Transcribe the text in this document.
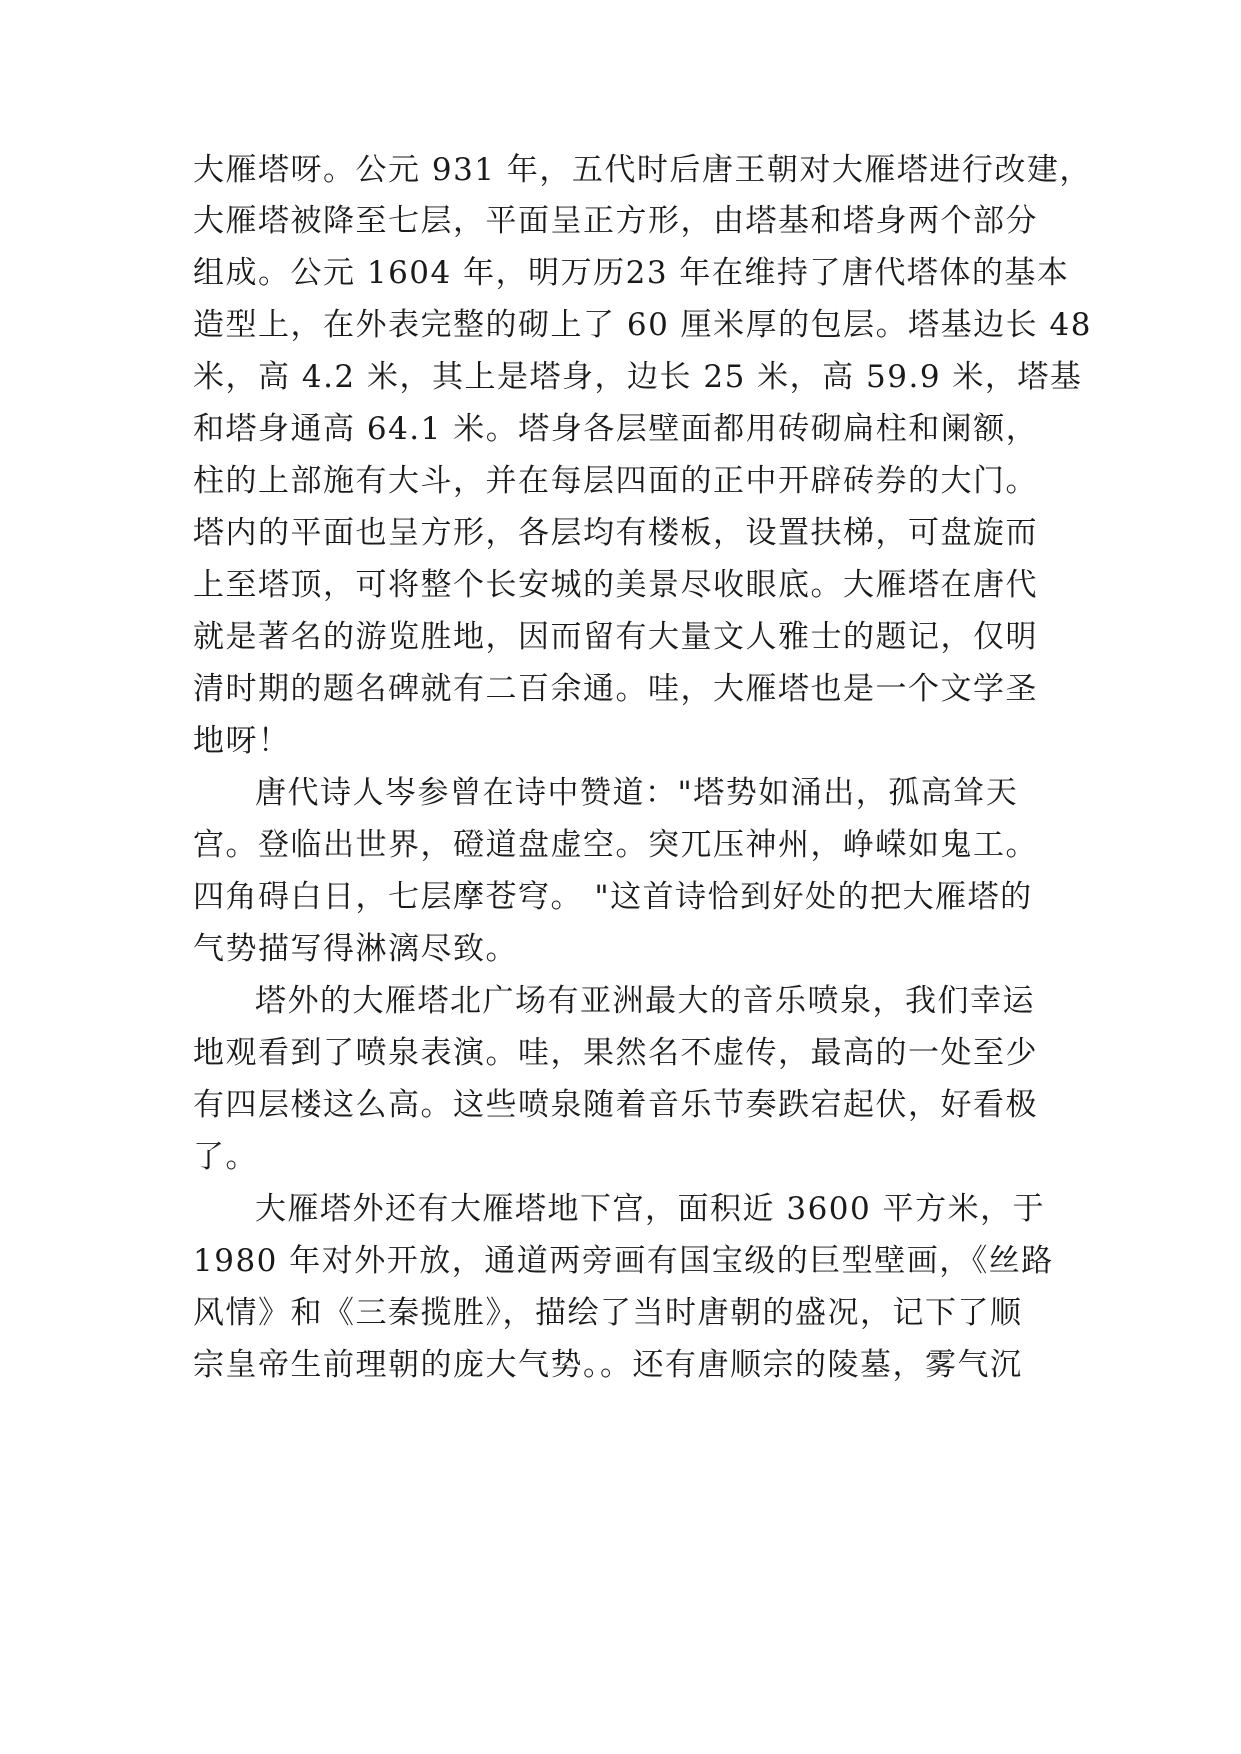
大雁塔呀。公元 931 年，五代时后唐王朝对大雁塔进行改建，
大雁塔被降至七层，平面呈正方形，由塔基和塔身两个部分
组成。公元 1604 年，明万历23 年在维持了唐代塔体的基本
造型上，在外表完整的砌上了 60 厘米厚的包层。塔基边长 48
米，高 4.2 米，其上是塔身，边长 25 米，高 59.9 米，塔基
和塔身通高 64.1 米。塔身各层壁面都用砖砌扁柱和阑额，
柱的上部施有大斗，并在每层四面的正中开辟砖券的大门。
塔内的平面也呈方形，各层均有楼板，设置扶梯，可盘旋而
上至塔顶，可将整个长安城的美景尽收眼底。大雁塔在唐代
就是著名的游览胜地，因而留有大量文人雅士的题记，仅明
清时期的题名碑就有二百余通。哇，大雁塔也是一个文学圣
地呀！
唐代诗人岑参曾在诗中赞道："塔势如涌出，孤高耸天
宫。登临出世界，磴道盘虚空。突兀压神州，峥嵘如鬼工。
四角碍白日，七层摩苍穹。 "这首诗恰到好处的把大雁塔的
气势描写得淋漓尽致。
塔外的大雁塔北广场有亚洲最大的音乐喷泉，我们幸运
地观看到了喷泉表演。哇，果然名不虚传，最高的一处至少
有四层楼这么高。这些喷泉随着音乐节奏跌宕起伏，好看极
了。
大雁塔外还有大雁塔地下宫，面积近 3600 平方米，于
1980 年对外开放，通道两旁画有国宝级的巨型壁画，《丝路
风情》和《三秦揽胜》，描绘了当时唐朝的盛况，记下了顺
宗皇帝生前理朝的庞大气势。。还有唐顺宗的陵墓，雾气沉
